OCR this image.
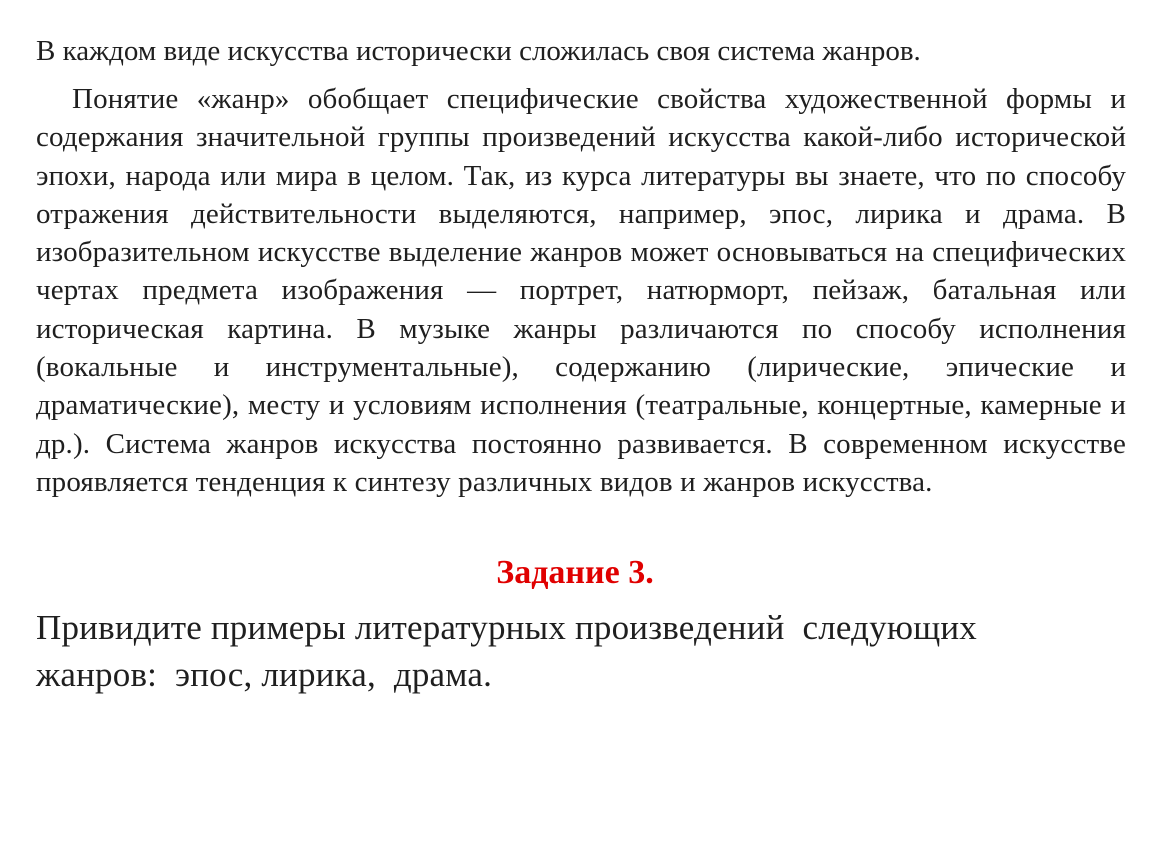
В каждом виде искусства исторически сложилась своя система жанров.

Понятие «жанр» обобщает специфические свойства художественной формы и содержания значительной группы произведений искусства какой-либо исторической эпохи, народа или мира в целом. Так, из курса литературы вы знаете, что по способу отражения действительности выделяются, например, эпос, лирика и драма. В изобразительном искусстве выделение жанров может основываться на специфических чертах предмета изображения — портрет, натюрморт, пейзаж, батальная или историческая картина. В музыке жанры различаются по способу исполнения (вокальные и инструментальные), содержанию (лирические, эпические и драматические), месту и условиям исполнения (театральные, концертные, камерные и др.). Система жанров искусства постоянно развивается. В современном искусстве проявляется тенденция к синтезу различных видов и жанров искусства.

Задание 3.
Привидите примеры литературных произведений  следующих
жанров:  эпос, лирика,  драма.
